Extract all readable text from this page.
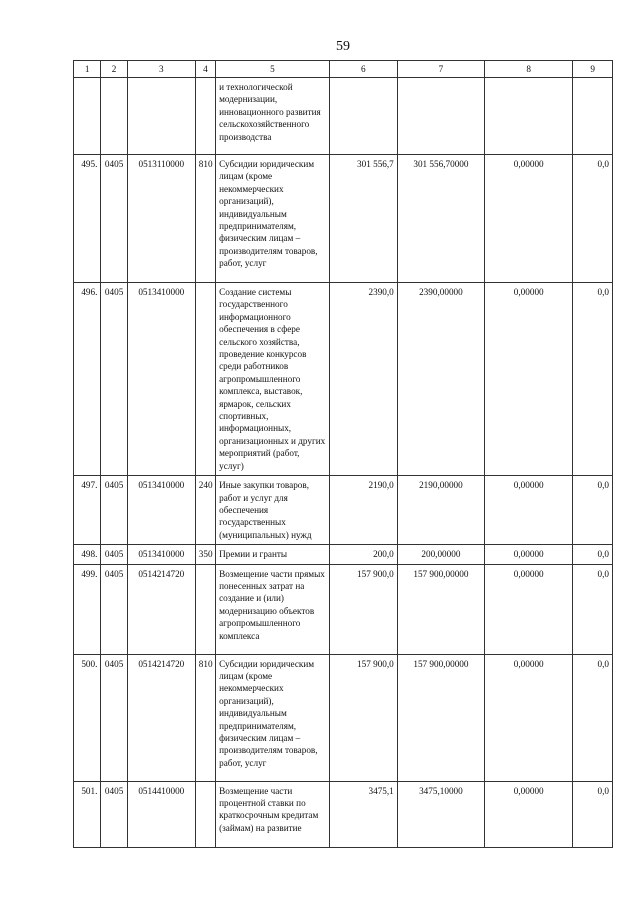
59
1	2	3	4	5	6	7	8	9
				и технологической модернизации, инновационного развития сельскохозяйственного производства				
495.	0405	0513110000	810	Субсидии юридическим лицам (кроме некоммерческих организаций), индивидуальным предпринимателям, физическим лицам – производителям товаров, работ, услуг	301 556,7	301 556,70000	0,00000	0,0
496.	0405	0513410000		Создание системы государственного информационного обеспечения в сфере сельского хозяйства, проведение конкурсов среди работников агропромышленного комплекса, выставок, ярмарок, сельских спортивных, информационных, организационных и других мероприятий (работ, услуг)	2390,0	2390,00000	0,00000	0,0
497.	0405	0513410000	240	Иные закупки товаров, работ и услуг для обеспечения государственных (муниципальных) нужд	2190,0	2190,00000	0,00000	0,0
498.	0405	0513410000	350	Премии и гранты	200,0	200,00000	0,00000	0,0
499.	0405	0514214720		Возмещение части прямых понесенных затрат на создание и (или) модернизацию объектов агропромышленного комплекса	157 900,0	157 900,00000	0,00000	0,0
500.	0405	0514214720	810	Субсидии юридическим лицам (кроме некоммерческих организаций), индивидуальным предпринимателям, физическим лицам – производителям товаров, работ, услуг	157 900,0	157 900,00000	0,00000	0,0
501.	0405	0514410000		Возмещение части процентной ставки по краткосрочным кредитам (займам) на развитие	3475,1	3475,10000	0,00000	0,0
